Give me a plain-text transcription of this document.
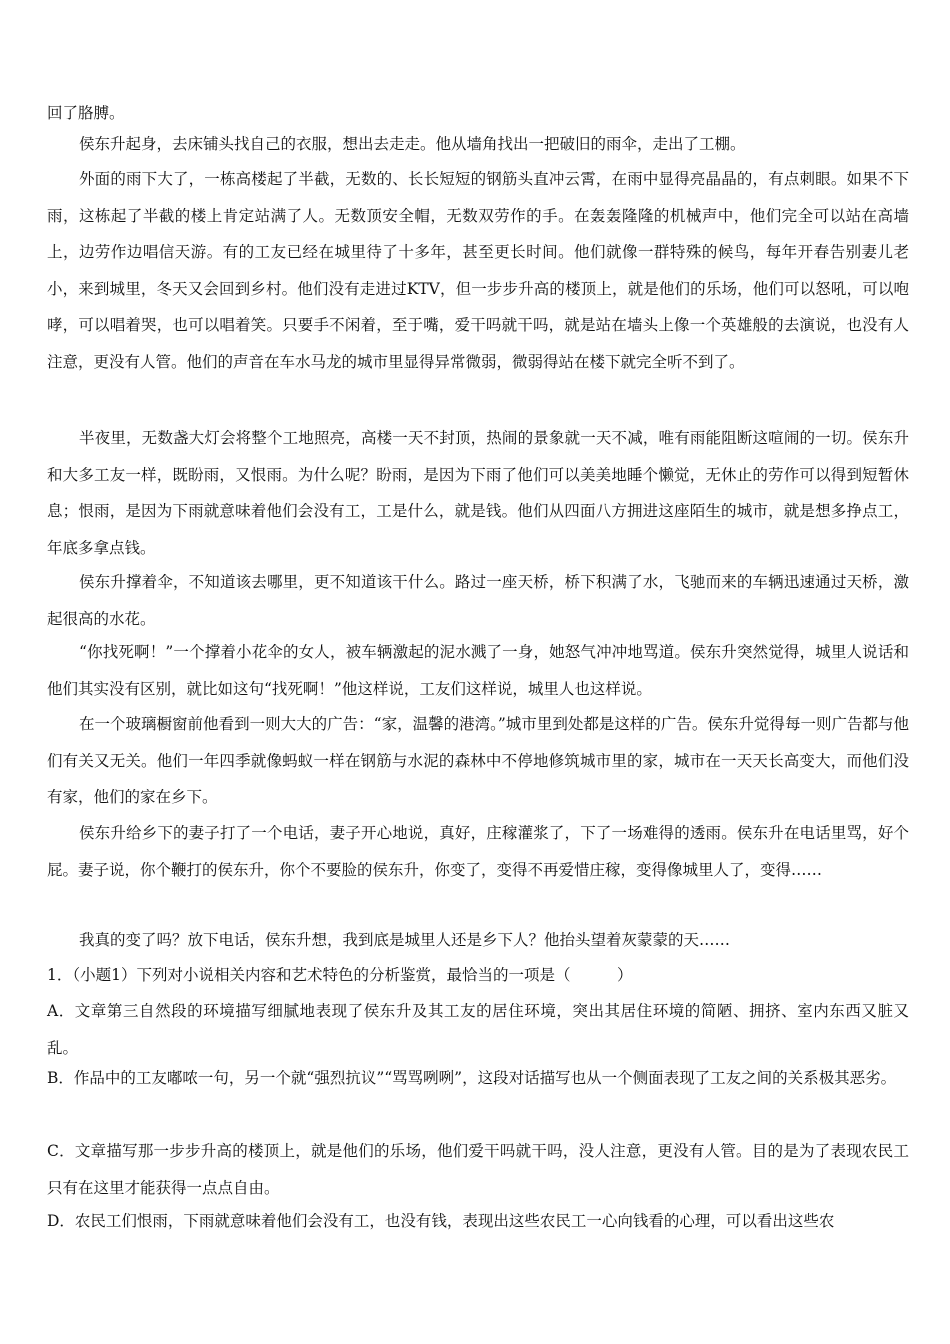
回了胳膊。

侯东升起身，去床铺头找自己的衣服，想出去走走。他从墙角找出一把破旧的雨伞，走出了工棚。

外面的雨下大了，一栋高楼起了半截，无数的、长长短短的钢筋头直冲云霄，在雨中显得亮晶晶的，有点刺眼。如果不下雨，这栋起了半截的楼上肯定站满了人。无数顶安全帽，无数双劳作的手。在轰轰隆隆的机械声中，他们完全可以站在高墙上，边劳作边唱信天游。有的工友已经在城里待了十多年，甚至更长时间。他们就像一群特殊的候鸟，每年开春告别妻儿老小，来到城里，冬天又会回到乡村。他们没有走进过KTV，但一步步升高的楼顶上，就是他们的乐场，他们可以怒吼，可以咆哮，可以唱着哭，也可以唱着笑。只要手不闲着，至于嘴，爱干吗就干吗，就是站在墙头上像一个英雄般的去演说，也没有人注意，更没有人管。他们的声音在车水马龙的城市里显得异常微弱，微弱得站在楼下就完全听不到了。

半夜里，无数盏大灯会将整个工地照亮，高楼一天不封顶，热闹的景象就一天不减，唯有雨能阻断这喧闹的一切。侯东升和大多工友一样，既盼雨，又恨雨。为什么呢？盼雨，是因为下雨了他们可以美美地睡个懒觉，无休止的劳作可以得到短暂休息；恨雨，是因为下雨就意味着他们会没有工，工是什么，就是钱。他们从四面八方拥进这座陌生的城市，就是想多挣点工，年底多拿点钱。

侯东升撑着伞，不知道该去哪里，更不知道该干什么。路过一座天桥，桥下积满了水，飞驰而来的车辆迅速通过天桥，激起很高的水花。

“你找死啊！”一个撑着小花伞的女人，被车辆激起的泥水溅了一身，她怒气冲冲地骂道。侯东升突然觉得，城里人说话和他们其实没有区别，就比如这句“找死啊！”他这样说，工友们这样说，城里人也这样说。

在一个玻璃橱窗前他看到一则大大的广告：“家，温馨的港湾。”城市里到处都是这样的广告。侯东升觉得每一则广告都与他们有关又无关。他们一年四季就像蚂蚁一样在钢筋与水泥的森林中不停地修筑城市里的家，城市在一天天长高变大，而他们没有家，他们的家在乡下。

侯东升给乡下的妻子打了一个电话，妻子开心地说，真好，庄稼灌浆了，下了一场难得的透雨。侯东升在电话里骂，好个屁。妻子说，你个鞭打的侯东升，你个不要脸的侯东升，你变了，变得不再爱惜庄稼，变得像城里人了，变得……

我真的变了吗？放下电话，侯东升想，我到底是城里人还是乡下人？他抬头望着灰蒙蒙的天……

1．（小题1）下列对小说相关内容和艺术特色的分析鉴赏，最恰当的一项是（　　　）

A．文章第三自然段的环境描写细腻地表现了侯东升及其工友的居住环境，突出其居住环境的简陋、拥挤、室内东西又脏又乱。

B．作品中的工友嘟哝一句，另一个就“强烈抗议”“骂骂咧咧”，这段对话描写也从一个侧面表现了工友之间的关系极其恶劣。

C．文章描写那一步步升高的楼顶上，就是他们的乐场，他们爱干吗就干吗，没人注意，更没有人管。目的是为了表现农民工只有在这里才能获得一点点自由。

D．农民工们恨雨，下雨就意味着他们会没有工，也没有钱，表现出这些农民工一心向钱看的心理，可以看出这些农
